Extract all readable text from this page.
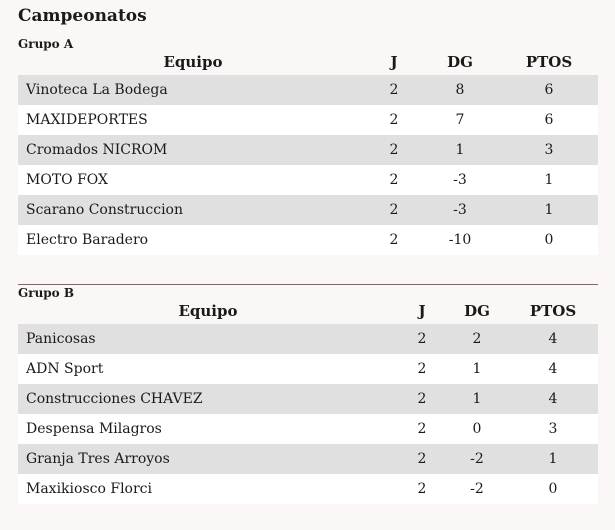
Campeonatos
Grupo A
Equipo	J	DG	PTOS
Vinoteca La Bodega	2	8	6
MAXIDEPORTES	2	7	6
Cromados NICROM	2	1	3
MOTO FOX	2	-3	1
Scarano Construccion	2	-3	1
Electro Baradero	2	-10	0
Grupo B
Equipo	J	DG	PTOS
Panicosas	2	2	4
ADN Sport	2	1	4
Construcciones CHAVEZ	2	1	4
Despensa Milagros	2	0	3
Granja Tres Arroyos	2	-2	1
Maxikiosco Florci	2	-2	0
